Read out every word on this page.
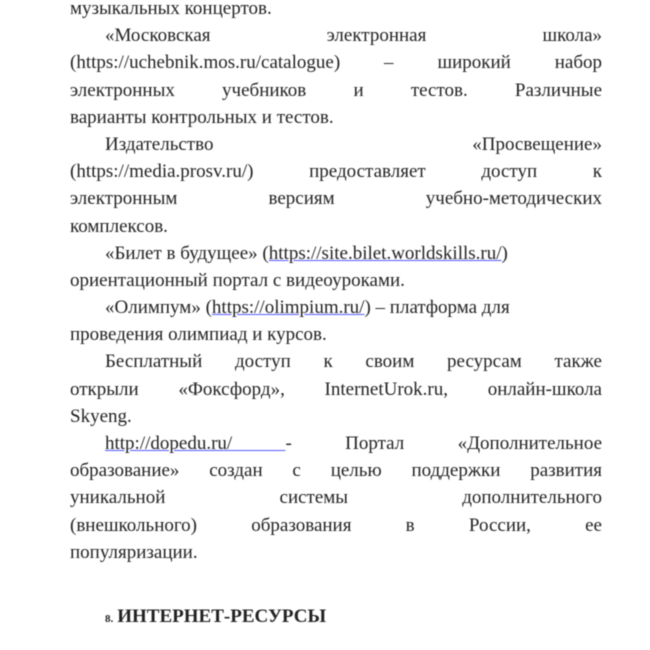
музыкальных концертов.
«Московская электронная школа»
(https://uchebnik.mos.ru/catalogue) – широкий набор
электронных учебников и тестов. Различные
варианты контрольных и тестов.
Издательство «Просвещение»
(https://media.prosv.ru/) предоставляет доступ к
электронным версиям учебно-методических
комплексов.
«Билет в будущее» (https://site.bilet.worldskills.ru/)
ориентационный портал с видеоуроками.
«Олимпум» (https://olimpium.ru/) – платформа для
проведения олимпиад и курсов.
Бесплатный доступ к своим ресурсам также
открыли «Фоксфорд», InternetUrok.ru, онлайн-школа
Skyeng.
http://dopedu.ru/ - Портал «Дополнительное
образование» создан с целью поддержки развития
уникальной системы дополнительного
(внешкольного) образования в России, ее
популяризации.
8. ИНТЕРНЕТ-РЕСУРСЫ
